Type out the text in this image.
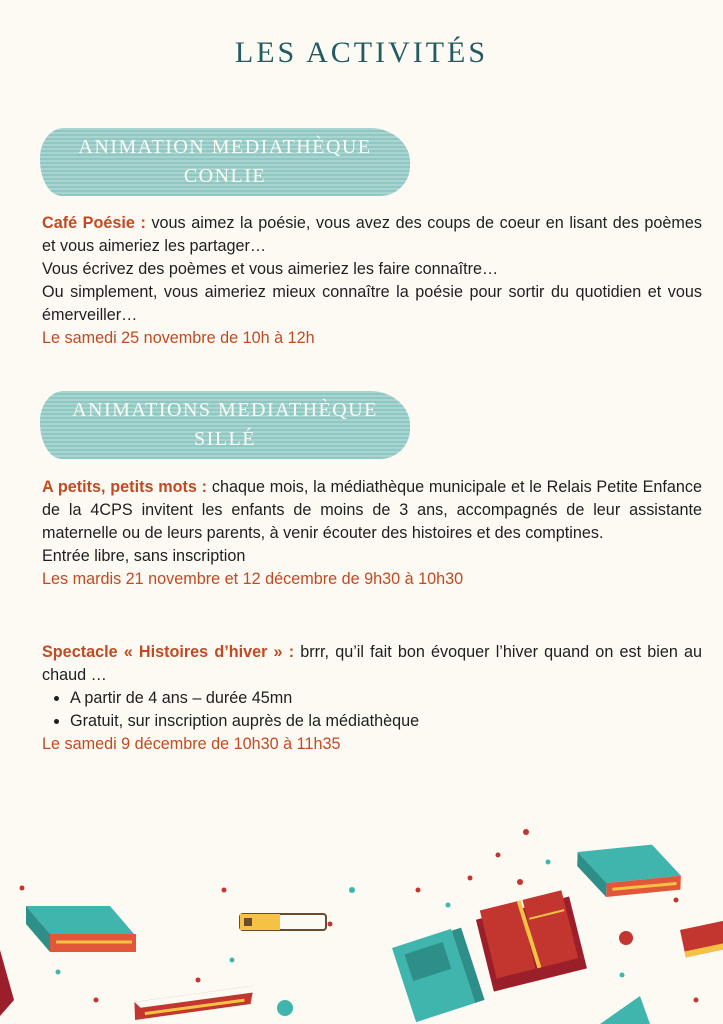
LES ACTIVITÉS
ANIMATION MEDIATHÈQUE
CONLIE

Café Poésie : vous aimez la poésie, vous avez des coups de coeur en lisant des poèmes et vous aimeriez les partager…

Vous écrivez des poèmes et vous aimeriez les faire connaître…

Ou simplement, vous aimeriez mieux connaître la poésie pour sortir du quotidien et vous émerveiller…

Le samedi 25 novembre de 10h à 12h

ANIMATIONS MEDIATHÈQUE
SILLÉ

A petits, petits mots : chaque mois, la médiathèque municipale et le Relais Petite Enfance de la 4CPS invitent les enfants de moins de 3 ans, accompagnés de leur assistante maternelle ou de leurs parents, à venir écouter des histoires et des comptines.

Entrée libre, sans inscription

Les mardis 21 novembre et 12 décembre de 9h30 à 10h30

Spectacle « Histoires d’hiver » : brrr, qu’il fait bon évoquer l’hiver quand on est bien au chaud …

• A partir de 4 ans – durée 45mn
• Gratuit, sur inscription auprès de la médiathèque

Le samedi 9 décembre de 10h30 à 11h35
